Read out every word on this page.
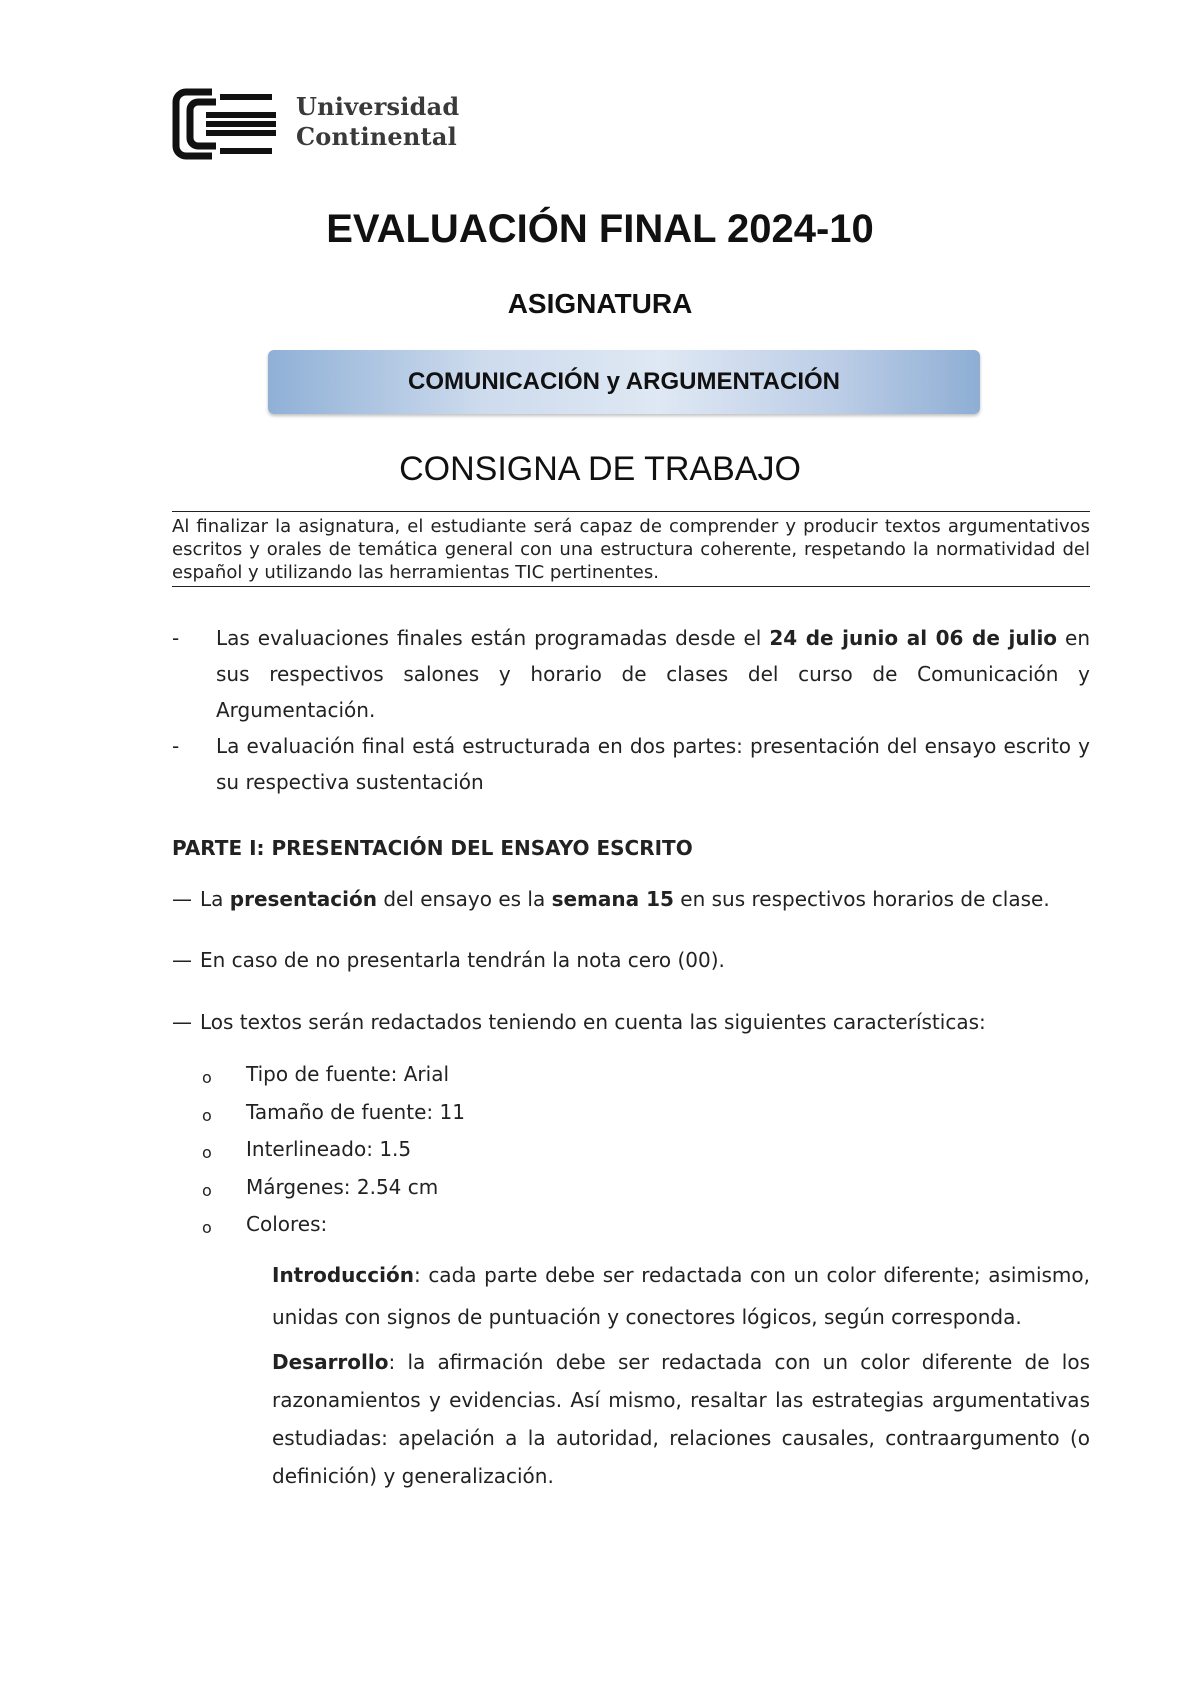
Universidad
Continental
EVALUACIÓN FINAL 2024-10
ASIGNATURA
COMUNICACIÓN y ARGUMENTACIÓN
CONSIGNA DE TRABAJO
Al finalizar la asignatura, el estudiante será capaz de comprender y producir textos argumentativos escritos y orales de temática general con una estructura coherente, respetando la normatividad del español y utilizando las herramientas TIC pertinentes.
- Las evaluaciones finales están programadas desde el 24 de junio al 06 de julio en sus respectivos salones y horario de clases del curso de Comunicación y Argumentación.
- La evaluación final está estructurada en dos partes: presentación del ensayo escrito y su respectiva sustentación
PARTE I: PRESENTACIÓN DEL ENSAYO ESCRITO
— La presentación del ensayo es la semana 15 en sus respectivos horarios de clase.
— En caso de no presentarla tendrán la nota cero (00).
— Los textos serán redactados teniendo en cuenta las siguientes características:
o Tipo de fuente: Arial
o Tamaño de fuente: 11
o Interlineado: 1.5
o Márgenes: 2.54 cm
o Colores:
Introducción: cada parte debe ser redactada con un color diferente; asimismo, unidas con signos de puntuación y conectores lógicos, según corresponda.
Desarrollo: la afirmación debe ser redactada con un color diferente de los razonamientos y evidencias. Así mismo, resaltar las estrategias argumentativas estudiadas: apelación a la autoridad, relaciones causales, contraargumento (o definición) y generalización.
